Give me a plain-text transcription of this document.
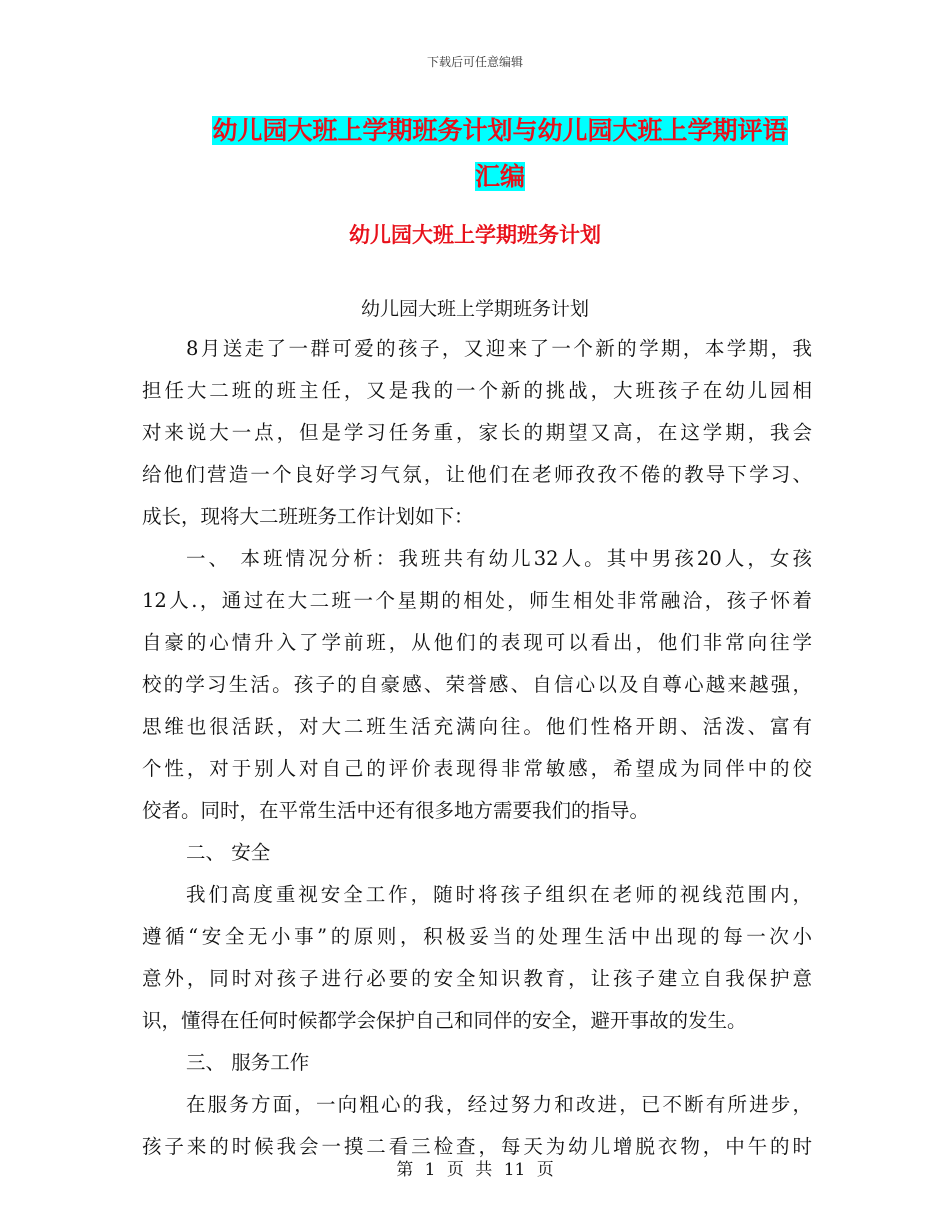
下载后可任意编辑
幼儿园大班上学期班务计划与幼儿园大班上学期评语
汇编
幼儿园大班上学期班务计划
幼儿园大班上学期班务计划
8月送走了一群可爱的孩子，又迎来了一个新的学期，本学期，我
担任大二班的班主任，又是我的一个新的挑战，大班孩子在幼儿园相
对来说大一点，但是学习任务重，家长的期望又高，在这学期，我会
给他们营造一个良好学习气氛，让他们在老师孜孜不倦的教导下学习、
成长，现将大二班班务工作计划如下：
一、 本班情况分析：我班共有幼儿32人。其中男孩20人，女孩
12人.，通过在大二班一个星期的相处，师生相处非常融洽，孩子怀着
自豪的心情升入了学前班，从他们的表现可以看出，他们非常向往学
校的学习生活。孩子的自豪感、荣誉感、自信心以及自尊心越来越强，
思维也很活跃，对大二班生活充满向往。他们性格开朗、活泼、富有
个性，对于别人对自己的评价表现得非常敏感，希望成为同伴中的佼
佼者。同时，在平常生活中还有很多地方需要我们的指导。
二、 安全
我们高度重视安全工作，随时将孩子组织在老师的视线范围内，
遵循“安全无小事”的原则，积极妥当的处理生活中出现的每一次小
意外，同时对孩子进行必要的安全知识教育，让孩子建立自我保护意
识，懂得在任何时候都学会保护自己和同伴的安全，避开事故的发生。
三、 服务工作
在服务方面，一向粗心的我，经过努力和改进，已不断有所进步，
孩子来的时候我会一摸二看三检查，每天为幼儿增脱衣物，中午的时
第 1 页 共 11 页
